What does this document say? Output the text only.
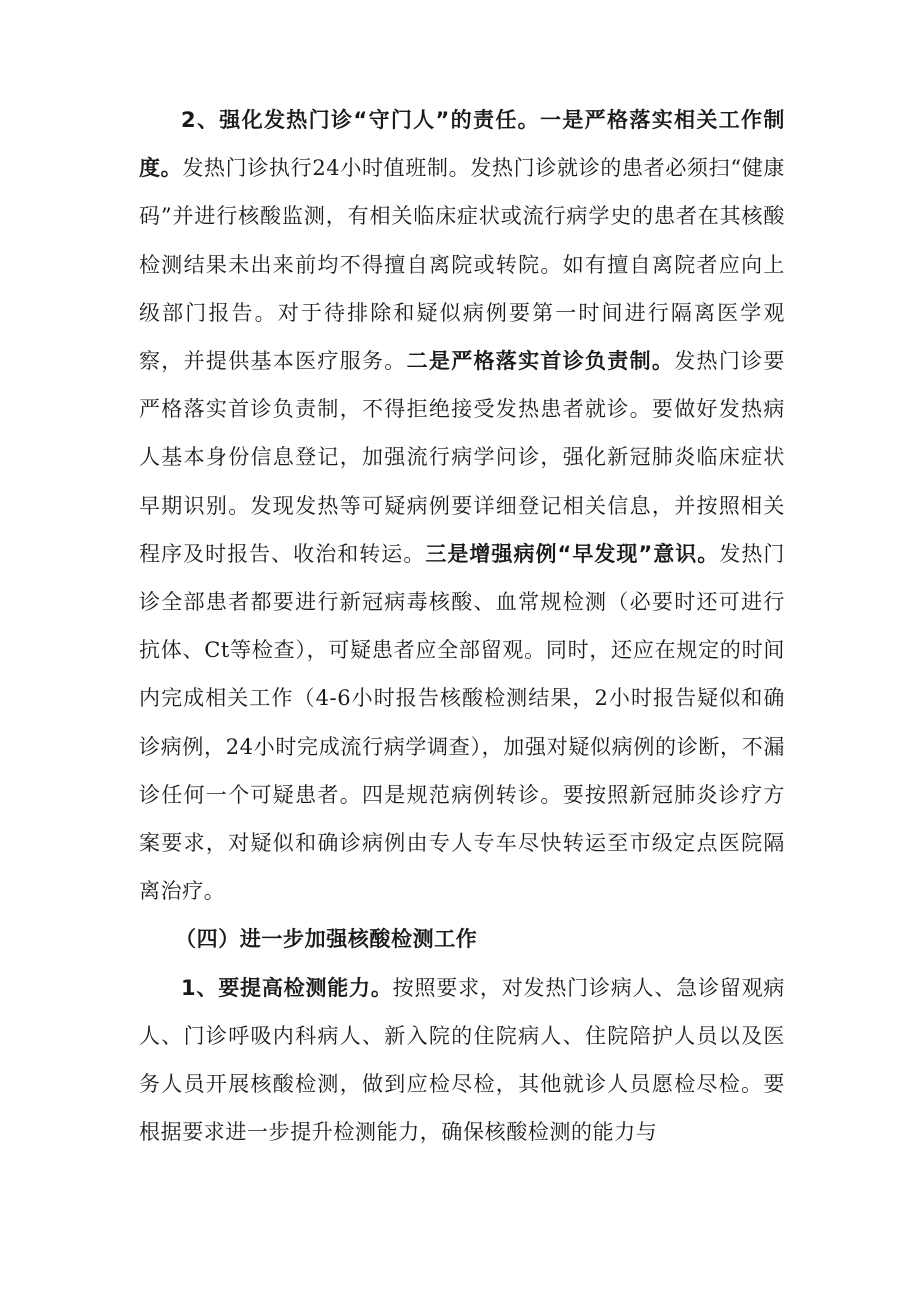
2、强化发热门诊“守门人”的责任。一是严格落实相关工作制度。发热门诊执行24小时值班制。发热门诊就诊的患者必须扫“健康码”并进行核酸监测，有相关临床症状或流行病学史的患者在其核酸检测结果未出来前均不得擅自离院或转院。如有擅自离院者应向上级部门报告。对于待排除和疑似病例要第一时间进行隔离医学观察，并提供基本医疗服务。二是严格落实首诊负责制。发热门诊要严格落实首诊负责制，不得拒绝接受发热患者就诊。要做好发热病人基本身份信息登记，加强流行病学问诊，强化新冠肺炎临床症状早期识别。发现发热等可疑病例要详细登记相关信息，并按照相关程序及时报告、收治和转运。三是增强病例“早发现”意识。发热门诊全部患者都要进行新冠病毒核酸、血常规检测（必要时还可进行抗体、Ct等检查），可疑患者应全部留观。同时，还应在规定的时间内完成相关工作（4-6小时报告核酸检测结果，2小时报告疑似和确诊病例，24小时完成流行病学调查），加强对疑似病例的诊断，不漏诊任何一个可疑患者。四是规范病例转诊。要按照新冠肺炎诊疗方案要求，对疑似和确诊病例由专人专车尽快转运至市级定点医院隔离治疗。

（四）进一步加强核酸检测工作

1、要提高检测能力。按照要求，对发热门诊病人、急诊留观病人、门诊呼吸内科病人、新入院的住院病人、住院陪护人员以及医务人员开展核酸检测，做到应检尽检，其他就诊人员愿检尽检。要根据要求进一步提升检测能力，确保核酸检测的能力与
